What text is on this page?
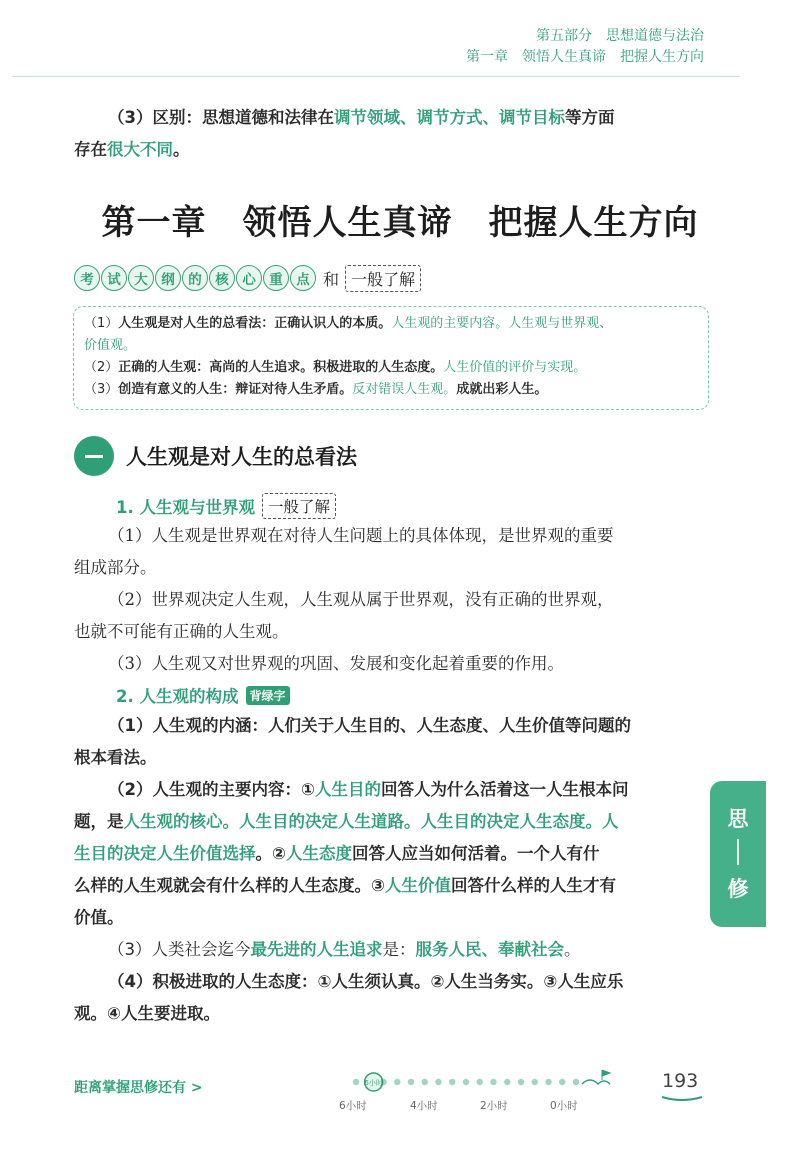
第五部分　思想道德与法治
第一章　领悟人生真谛　把握人生方向
（3）区别：思想道德和法律在调节领域、调节方式、调节目标等方面
存在很大不同。
第一章 领悟人生真谛 把握人生方向
考	试	大	纲	的	核	心	重	点 和 一般了解
（1）人生观是对人生的总看法：正确认识人的本质。人生观的主要内容。人生观与世界观、
价值观。
（2）正确的人生观：高尚的人生追求。积极进取的人生态度。人生价值的评价与实现。
（3）创造有意义的人生：辩证对待人生矛盾。反对错误人生观。成就出彩人生。
人生观是对人生的总看法
1. 人生观与世界观 一般了解
（1）人生观是世界观在对待人生问题上的具体体现，是世界观的重要
组成部分。
（2）世界观决定人生观，人生观从属于世界观，没有正确的世界观，
也就不可能有正确的人生观。
（3）人生观又对世界观的巩固、发展和变化起着重要的作用。
2. 人生观的构成 背绿字
（1）人生观的内涵：人们关于人生目的、人生态度、人生价值等问题的
根本看法。
（2）人生观的主要内容：①人生目的回答人为什么活着这一人生根本问
题，是人生观的核心。人生目的决定人生道路。人生目的决定人生态度。人
生目的决定人生价值选择。②人生态度回答人应当如何活着。一个人有什
么样的人生观就会有什么样的人生态度。③人生价值回答什么样的人生才有
价值。
（3）人类社会迄今最先进的人生追求是：服务人民、奉献社会。
（4）积极进取的人生态度：①人生须认真。②人生当务实。③人生应乐
观。④人生要进取。
思
修
距离掌握思修还有 >	6小时
6小时	4小时	2小时	0小时
193
